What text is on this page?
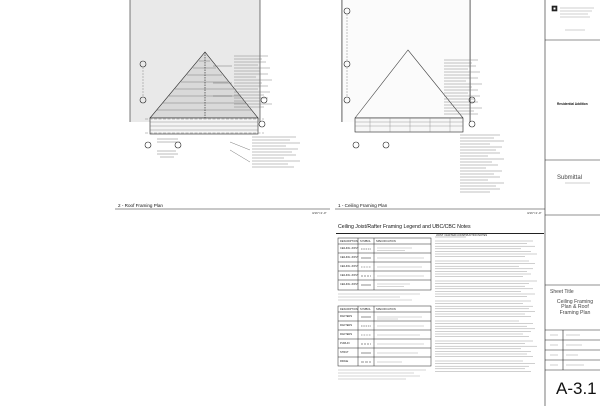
2 - Roof Framing Plan
3/16"=1'-0"
1 - Ceiling Framing Plan
3/16"=1'-0"
Ceiling Joist/Rafter Framing Legend and UBC/CBC Notes
DESCRIPTION SYMBOL SPECIFICATION
CEILING JOIST
CEILING JOIST
CEILING JOIST
CEILING JOIST
CEILING JOIST
DESCRIPTION SYMBOL SPECIFICATION
RAFTERS
RAFTERS
RAFTERS
PURLIN
STRUT
RIDGE
JOIST / RAFTER CONSTRUCTION NOTES
Residential Addition
Submittal
Sheet Title
Ceiling Framing Plan & Roof Framing Plan
A-3.1
